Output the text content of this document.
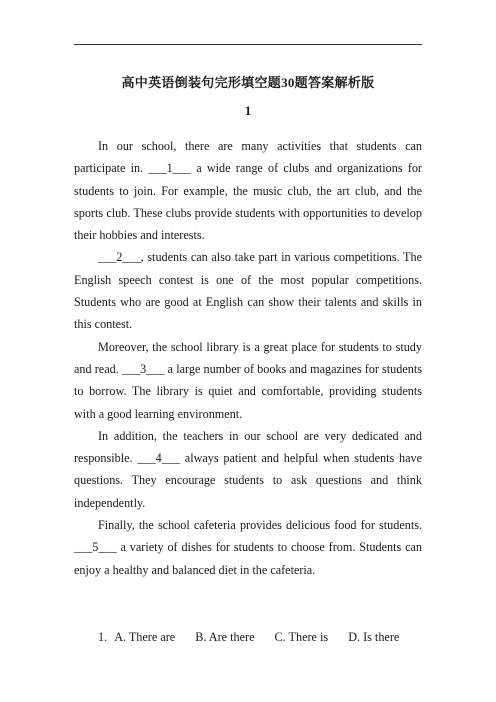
高中英语倒装句完形填空题30题答案解析版
1

In our school, there are many activities that students can participate in. ___1___ a wide range of clubs and organizations for students to join. For example, the music club, the art club, and the sports club. These clubs provide students with opportunities to develop their hobbies and interests.

___2___, students can also take part in various competitions. The English speech contest is one of the most popular competitions. Students who are good at English can show their talents and skills in this contest.

Moreover, the school library is a great place for students to study and read. ___3___ a large number of books and magazines for students to borrow. The library is quiet and comfortable, providing students with a good learning environment.

In addition, the teachers in our school are very dedicated and responsible. ___4___ always patient and helpful when students have questions. They encourage students to ask questions and think independently.

Finally, the school cafeteria provides delicious food for students. ___5___ a variety of dishes for students to choose from. Students can enjoy a healthy and balanced diet in the cafeteria.

1. A. There are B. Are there C. There is D. Is there
